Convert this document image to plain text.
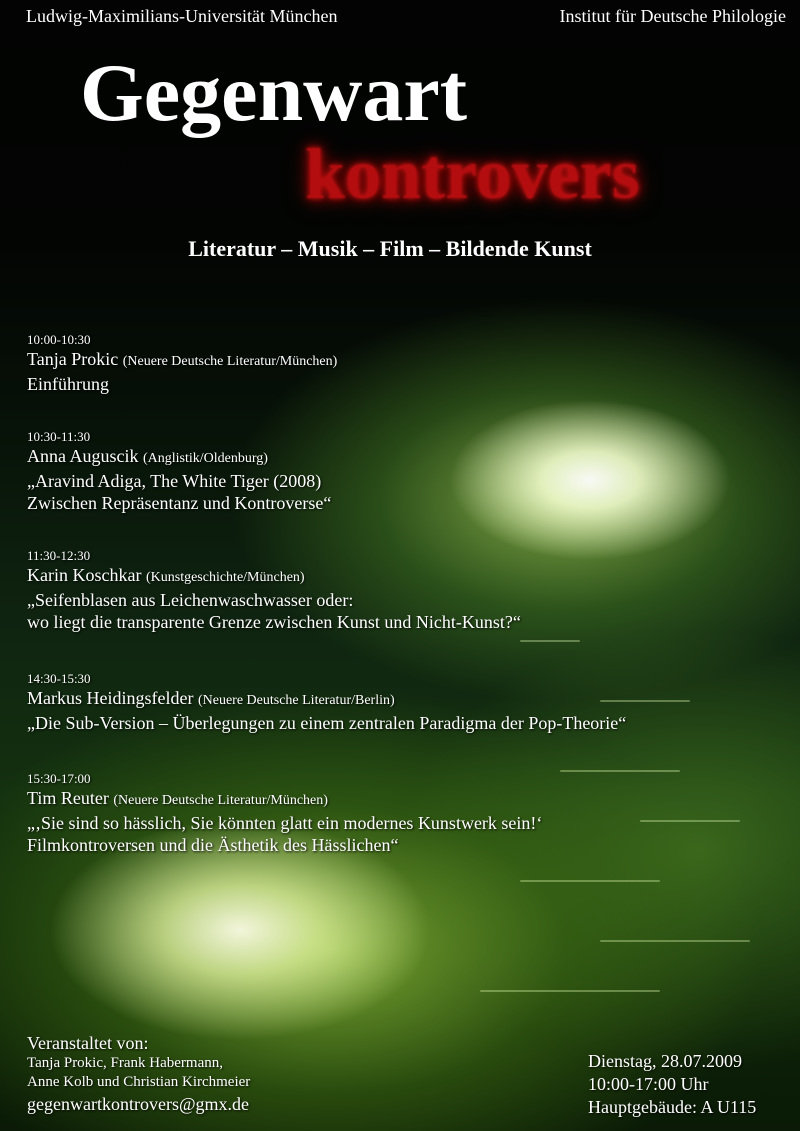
Ludwig-Maximilians-Universität München	Institut für Deutsche Philologie
Gegenwart
kontrovers
Literatur – Musik – Film – Bildende Kunst
10:00-10:30
Tanja Prokic (Neuere Deutsche Literatur/München)
Einführung
10:30-11:30
Anna Auguscik (Anglistik/Oldenburg)
„Aravind Adiga, The White Tiger (2008)
Zwischen Repräsentanz und Kontroverse“
11:30-12:30
Karin Koschkar (Kunstgeschichte/München)
„Seifenblasen aus Leichenwaschwasser oder:
wo liegt die transparente Grenze zwischen Kunst und Nicht-Kunst?“
14:30-15:30
Markus Heidingsfelder (Neuere Deutsche Literatur/Berlin)
„Die Sub-Version – Überlegungen zu einem zentralen Paradigma der Pop-Theorie“
15:30-17:00
Tim Reuter (Neuere Deutsche Literatur/München)
„‚Sie sind so hässlich, Sie könnten glatt ein modernes Kunstwerk sein!‘
Filmkontroversen und die Ästhetik des Hässlichen“
Veranstaltet von:
Tanja Prokic, Frank Habermann,
Anne Kolb und Christian Kirchmeier
gegenwartkontrovers@gmx.de
Dienstag, 28.07.2009
10:00-17:00 Uhr
Hauptgebäude: A U115
